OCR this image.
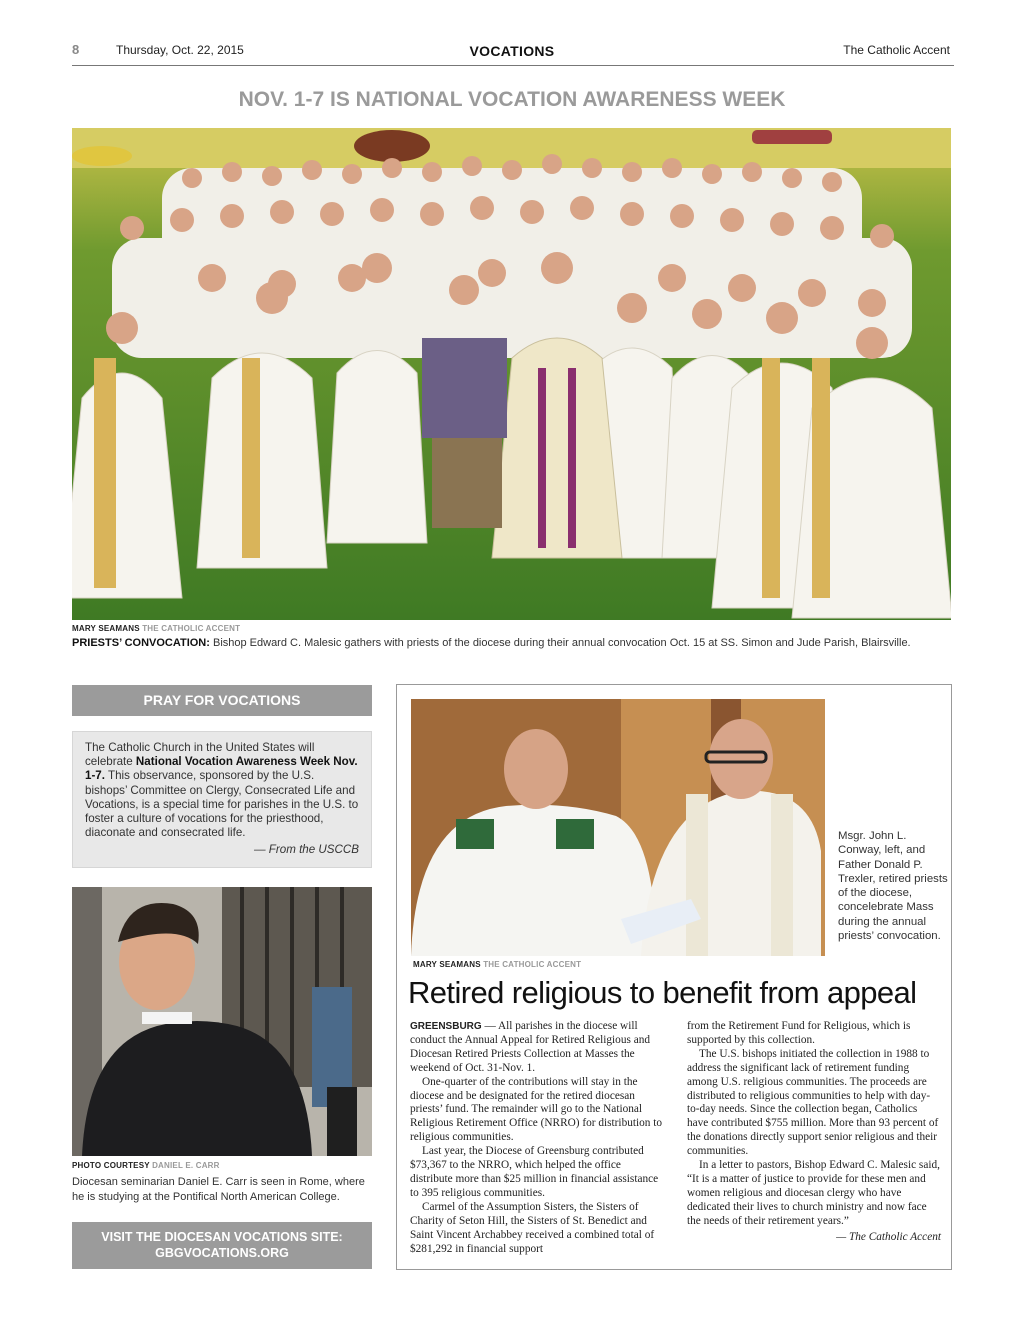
8	Thursday, Oct. 22, 2015	VOCATIONS	The Catholic Accent
NOV. 1-7 IS NATIONAL VOCATION AWARENESS WEEK
MARY SEAMANS THE CATHOLIC ACCENT
PRIESTS’ CONVOCATION: Bishop Edward C. Malesic gathers with priests of the diocese during their annual convocation Oct. 15 at SS. Simon and Jude Parish, Blairsville.
PRAY FOR VOCATIONS
The Catholic Church in the United States will celebrate National Vocation Awareness Week Nov. 1-7. This observance, sponsored by the U.S. bishops’ Committee on Clergy, Consecrated Life and Vocations, is a special time for parishes in the U.S. to foster a culture of vocations for the priesthood, diaconate and consecrated life.
— From the USCCB
PHOTO COURTESY DANIEL E. CARR
Diocesan seminarian Daniel E. Carr is seen in Rome, where he is studying at the Pontifical North American College.
VISIT THE DIOCESAN VOCATIONS SITE:
GBGVOCATIONS.ORG
MARY SEAMANS THE CATHOLIC ACCENT
Msgr. John L. Conway, left, and Father Donald P. Trexler, retired priests of the diocese, concelebrate Mass during the annual priests’ convocation.
Retired religious to benefit from appeal

GREENSBURG — All parishes in the diocese will conduct the Annual Appeal for Retired Religious and Diocesan Retired Priests Collection at Masses the weekend of Oct. 31-Nov. 1.

One-quarter of the contributions will stay in the diocese and be designated for the retired diocesan priests’ fund. The remainder will go to the National Religious Retirement Office (NRRO) for distribution to religious communities.

Last year, the Diocese of Greensburg contributed $73,367 to the NRRO, which helped the office distribute more than $25 million in financial assistance to 395 religious communities.

Carmel of the Assumption Sisters, the Sisters of Charity of Seton Hill, the Sisters of St. Benedict and Saint Vincent Archabbey received a combined total of $281,292 in financial support

from the Retirement Fund for Religious, which is supported by this collection.

The U.S. bishops initiated the collection in 1988 to address the significant lack of retirement funding among U.S. religious communities. The proceeds are distributed to religious communities to help with day-to-day needs. Since the collection began, Catholics have contributed $755 million. More than 93 percent of the donations directly support senior religious and their communities.

In a letter to pastors, Bishop Edward C. Malesic said, “It is a matter of justice to provide for these men and women religious and diocesan clergy who have dedicated their lives to church ministry and now face the needs of their retirement years.”

— The Catholic Accent
